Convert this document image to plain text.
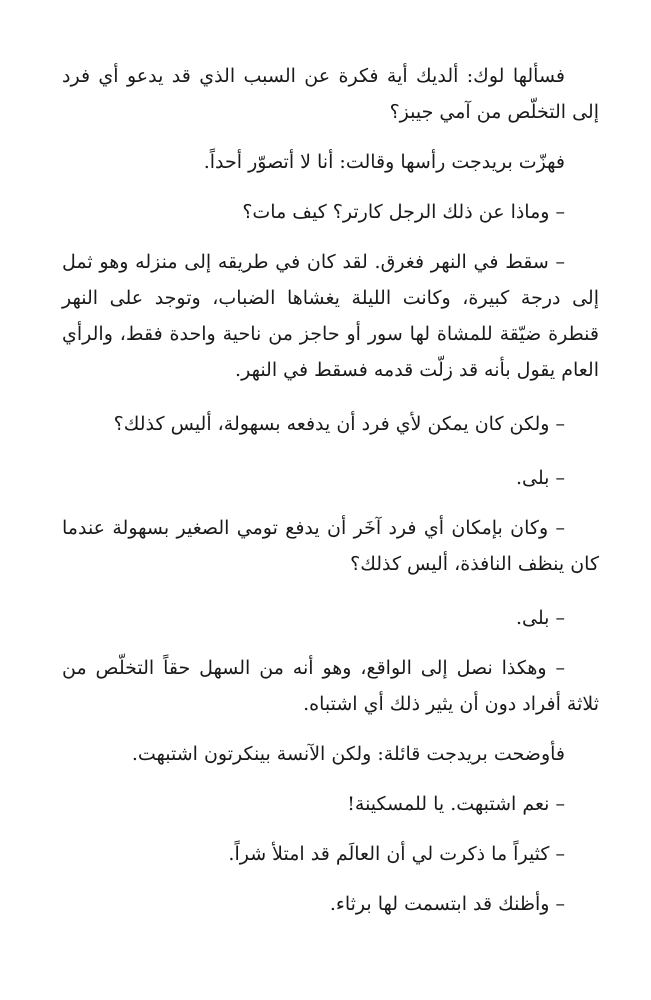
فسألها لوك: ألديك أية فكرة عن السبب الذي قد يدعو أي فرد إلى التخلّص من آمي جيبز؟

فهزّت بريدجت رأسها وقالت: أنا لا أتصوّر أحداً.

– وماذا عن ذلك الرجل كارتر؟ كيف مات؟

– سقط في النهر فغرق. لقد كان في طريقه إلى منزله وهو ثمل إلى درجة كبيرة، وكانت الليلة يغشاها الضباب، وتوجد على النهر قنطرة ضيّقة للمشاة لها سور أو حاجز من ناحية واحدة فقط، والرأي العام يقول بأنه قد زلّت قدمه فسقط في النهر.

– ولكن كان يمكن لأي فرد أن يدفعه بسهولة، أليس كذلك؟

– بلى.

– وكان بإمكان أي فرد آخَر أن يدفع تومي الصغير بسهولة عندما كان ينظف النافذة، أليس كذلك؟

– بلى.

– وهكذا نصل إلى الواقع، وهو أنه من السهل حقاً التخلّص من ثلاثة أفراد دون أن يثير ذلك أي اشتباه.

فأوضحت بريدجت قائلة: ولكن الآنسة بينكرتون اشتبهت.

– نعم اشتبهت. يا للمسكينة!

– كثيراً ما ذكرت لي أن العالَم قد امتلأ شراً.

– وأظنك قد ابتسمت لها برثاء.
